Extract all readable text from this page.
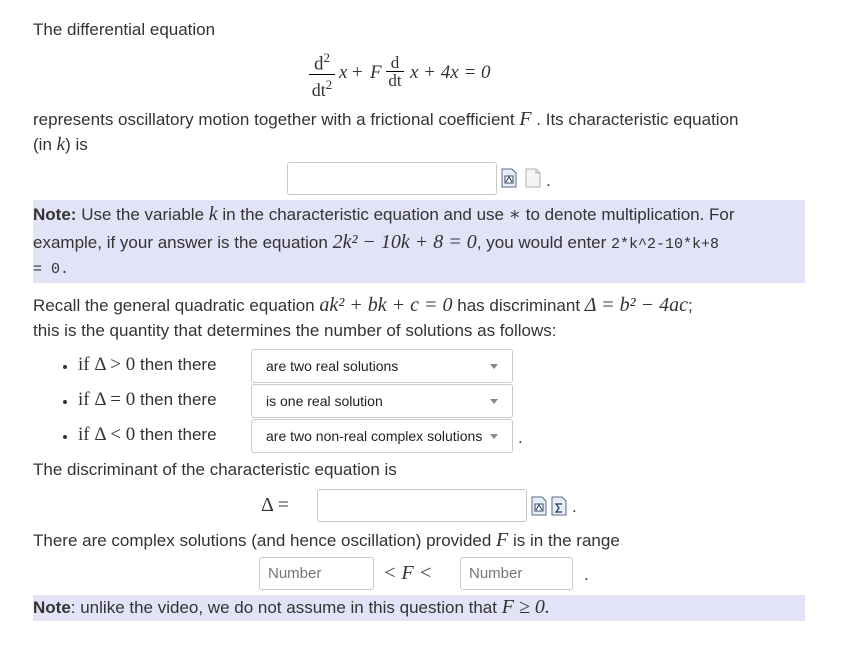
The differential equation
$d^2$
$dt^2$
x + F d
dt x + 4x = 0
represents oscillatory motion together with a frictional coefficient F . Its characteristic equation
(in k) is
.
Note: Use the variable k in the characteristic equation and use ∗ to denote multiplication. For
example, if your answer is the equation 2k² − 10k + 8 = 0, you would enter 2*k^2-10*k+8
= 0.
Recall the general quadratic equation ak² + bk + c = 0 has discriminant Δ = b² − 4ac;
this is the quantity that determines the number of solutions as follows:
if Δ > 0 then there	are two real solutions
if Δ = 0 then there	is one real solution
if Δ < 0 then there	are two non-real complex solutions	.
The discriminant of the characteristic equation is
Δ =	.
There are complex solutions (and hence oscillation) provided F is in the range
Number
< F <
Number	.
Note: unlike the video, we do not assume in this question that F ≥ 0.
